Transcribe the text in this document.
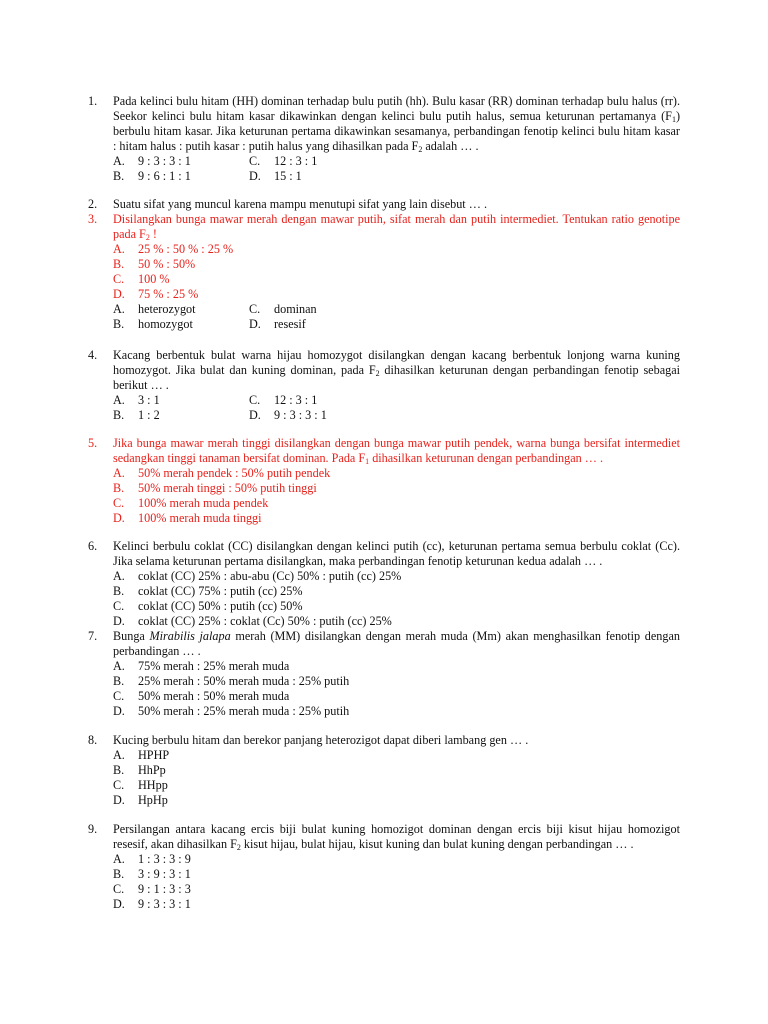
1.	Pada kelinci bulu hitam (HH) dominan terhadap bulu putih (hh). Bulu kasar (RR) dominan terhadap bulu halus (rr). Seekor kelinci bulu hitam kasar dikawinkan dengan kelinci bulu putih halus, semua keturunan pertamanya $(F_1)$ berbulu hitam kasar. Jika keturunan pertama dikawinkan sesamanya, perbandingan fenotip kelinci bulu hitam kasar : hitam halus : putih kasar : putih halus yang dihasilkan pada $F_2$ adalah … .
A.	9 : 3 : 3 : 1	C.	12 : 3 : 1
B.	9 : 6 : 1 : 1	D.	15 : 1
2.	Suatu sifat yang muncul karena mampu menutupi sifat yang lain disebut … .
3.	Disilangkan bunga mawar merah dengan mawar putih, sifat merah dan putih intermediet. Tentukan ratio genotipe pada $F_2$ !
A.	25 % : 50 % : 25 %
B.	50 % : 50%
C.	100 %
D.	75 % : 25 %
A.	heterozygot	C.	dominan
B.	homozygot	D.	resesif
4.	Kacang berbentuk bulat warna hijau homozygot disilangkan dengan kacang berbentuk lonjong warna kuning homozygot. Jika bulat dan kuning dominan, pada $F_2$ dihasilkan keturunan dengan perbandingan fenotip sebagai berikut … .
A.	3 : 1	C.	12 : 3 : 1
B.	1 : 2	D.	9 : 3 : 3 : 1
5.	Jika bunga mawar merah tinggi disilangkan dengan bunga mawar putih pendek, warna bunga bersifat intermediet sedangkan tinggi tanaman bersifat dominan. Pada $F_1$ dihasilkan keturunan dengan perbandingan … .
A.	50% merah pendek : 50% putih pendek
B.	50% merah tinggi : 50% putih tinggi
C.	100% merah muda pendek
D.	100% merah muda tinggi
6.	Kelinci berbulu coklat (CC) disilangkan dengan kelinci putih (cc), keturunan pertama semua berbulu coklat (Cc). Jika selama keturunan pertama disilangkan, maka perbandingan fenotip keturunan kedua adalah … .
A.	coklat (CC) 25% : abu-abu (Cc) 50% : putih (cc) 25%
B.	coklat (CC) 75% : putih (cc) 25%
C.	coklat (CC) 50% : putih (cc) 50%
D.	coklat (CC) 25% : coklat (Cc) 50% : putih (cc) 25%
7.	Bunga Mirabilis jalapa merah (MM) disilangkan dengan merah muda (Mm) akan menghasilkan fenotip dengan perbandingan … .
A.	75% merah : 25% merah muda
B.	25% merah : 50% merah muda : 25% putih
C.	50% merah : 50% merah muda
D.	50% merah : 25% merah muda : 25% putih
8.	Kucing berbulu hitam dan berekor panjang heterozigot dapat diberi lambang gen … .
A.	HPHP
B.	HhPp
C.	HHpp
D.	HpHp
9.	Persilangan antara kacang ercis biji bulat kuning homozigot dominan dengan ercis biji kisut hijau homozigot resesif, akan dihasilkan $F_2$ kisut hijau, bulat hijau, kisut kuning dan bulat kuning dengan perbandingan … .
A.	1 : 3 : 3 : 9
B.	3 : 9 : 3 : 1
C.	9 : 1 : 3 : 3
D.	9 : 3 : 3 : 1
